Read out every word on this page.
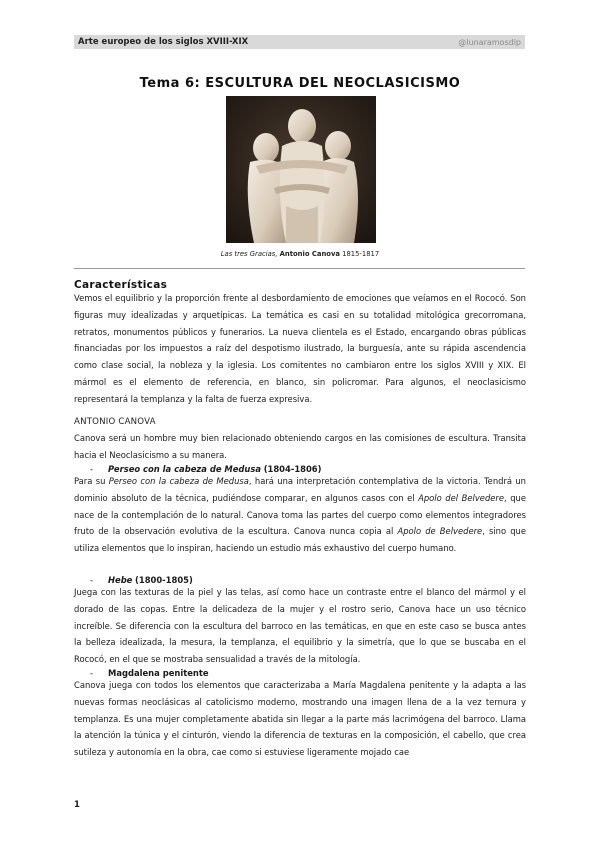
Arte europeo de los siglos XVIII-XIX	@lunaramosdlp
Tema 6: ESCULTURA DEL NEOCLASICISMO
Las tres Gracias, Antonio Canova 1815-1817
Características
Vemos el equilibrio y la proporción frente al desbordamiento de emociones que veíamos en el Rococó. Son figuras muy idealizadas y arquetípicas. La temática es casi en su totalidad mitológica grecorromana, retratos, monumentos públicos y funerarios. La nueva clientela es el Estado, encargando obras públicas financiadas por los impuestos a raíz del despotismo ilustrado, la burguesía, ante su rápida ascendencia como clase social, la nobleza y la iglesia. Los comitentes no cambiaron entre los siglos XVIII y XIX. El mármol es el elemento de referencia, en blanco, sin policromar. Para algunos, el neoclasicismo representará la templanza y la falta de fuerza expresiva.
ANTONIO CANOVA
Canova será un hombre muy bien relacionado obteniendo cargos en las comisiones de escultura. Transita hacia el Neoclasicismo a su manera.
- Perseo con la cabeza de Medusa (1804-1806)
Para su Perseo con la cabeza de Medusa, hará una interpretación contemplativa de la victoria. Tendrá un dominio absoluto de la técnica, pudiéndose comparar, en algunos casos con el Apolo del Belvedere, que nace de la contemplación de lo natural. Canova toma las partes del cuerpo como elementos integradores fruto de la observación evolutiva de la escultura. Canova nunca copia al Apolo de Belvedere, sino que utiliza elementos que lo inspiran, haciendo un estudio más exhaustivo del cuerpo humano.
- Hebe (1800-1805)
Juega con las texturas de la piel y las telas, así como hace un contraste entre el blanco del mármol y el dorado de las copas. Entre la delicadeza de la mujer y el rostro serio, Canova hace un uso técnico increíble. Se diferencia con la escultura del barroco en las temáticas, en que en este caso se busca antes la belleza idealizada, la mesura, la templanza, el equilibrio y la simetría, que lo que se buscaba en el Rococó, en el que se mostraba sensualidad a través de la mitología.
- Magdalena penitente
Canova juega con todos los elementos que caracterizaba a María Magdalena penitente y la adapta a las nuevas formas neoclásicas al catolicismo moderno, mostrando una imagen llena de a la vez ternura y templanza. Es una mujer completamente abatida sin llegar a la parte más lacrimógena del barroco. Llama la atención la túnica y el cinturón, viendo la diferencia de texturas en la composición, el cabello, que crea sutileza y autonomía en la obra, cae como si estuviese ligeramente mojado cae
1
